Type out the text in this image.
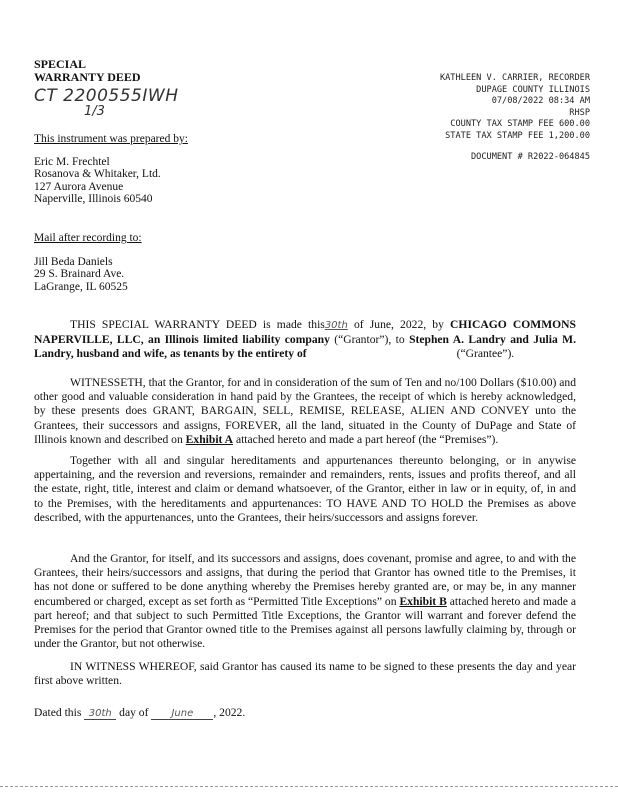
SPECIAL
WARRANTY DEED
CT 2200555IWH
1/3
KATHLEEN V. CARRIER, RECORDER
DUPAGE COUNTY ILLINOIS
07/08/2022 08:34 AM
RHSP
COUNTY TAX STAMP FEE 600.00
STATE TAX STAMP FEE 1,200.00
DOCUMENT # R2022-064845
This instrument was prepared by:
Eric M. Frechtel
Rosanova & Whitaker, Ltd.
127 Aurora Avenue
Naperville, Illinois 60540
Mail after recording to:
Jill Beda Daniels
29 S. Brainard Ave.
LaGrange, IL 60525
THIS SPECIAL WARRANTY DEED is made this30th of June, 2022, by CHICAGO COMMONS NAPERVILLE, LLC, an Illinois limited liability company (“Grantor”), to Stephen A. Landry and Julia M. Landry, husband and wife, as tenants by the entirety of	(“Grantee”).
WITNESSETH, that the Grantor, for and in consideration of the sum of Ten and no/100 Dollars ($10.00) and other good and valuable consideration in hand paid by the Grantees, the receipt of which is hereby acknowledged, by these presents does GRANT, BARGAIN, SELL, REMISE, RELEASE, ALIEN AND CONVEY unto the Grantees, their successors and assigns, FOREVER, all the land, situated in the County of DuPage and State of Illinois known and described on Exhibit A attached hereto and made a part hereof (the “Premises”).
Together with all and singular hereditaments and appurtenances thereunto belonging, or in anywise appertaining, and the reversion and reversions, remainder and remainders, rents, issues and profits thereof, and all the estate, right, title, interest and claim or demand whatsoever, of the Grantor, either in law or in equity, of, in and to the Premises, with the hereditaments and appurtenances: TO HAVE AND TO HOLD the Premises as above described, with the appurtenances, unto the Grantees, their heirs/successors and assigns forever.
And the Grantor, for itself, and its successors and assigns, does covenant, promise and agree, to and with the Grantees, their heirs/successors and assigns, that during the period that Grantor has owned title to the Premises, it has not done or suffered to be done anything whereby the Premises hereby granted are, or may be, in any manner encumbered or charged, except as set forth as “Permitted Title Exceptions” on Exhibit B attached hereto and made a part hereof; and that subject to such Permitted Title Exceptions, the Grantor will warrant and forever defend the Premises for the period that Grantor owned title to the Premises against all persons lawfully claiming by, through or under the Grantor, but not otherwise.
IN WITNESS WHEREOF, said Grantor has caused its name to be signed to these presents the day and year first above written.
Dated this 30th day of June , 2022.
